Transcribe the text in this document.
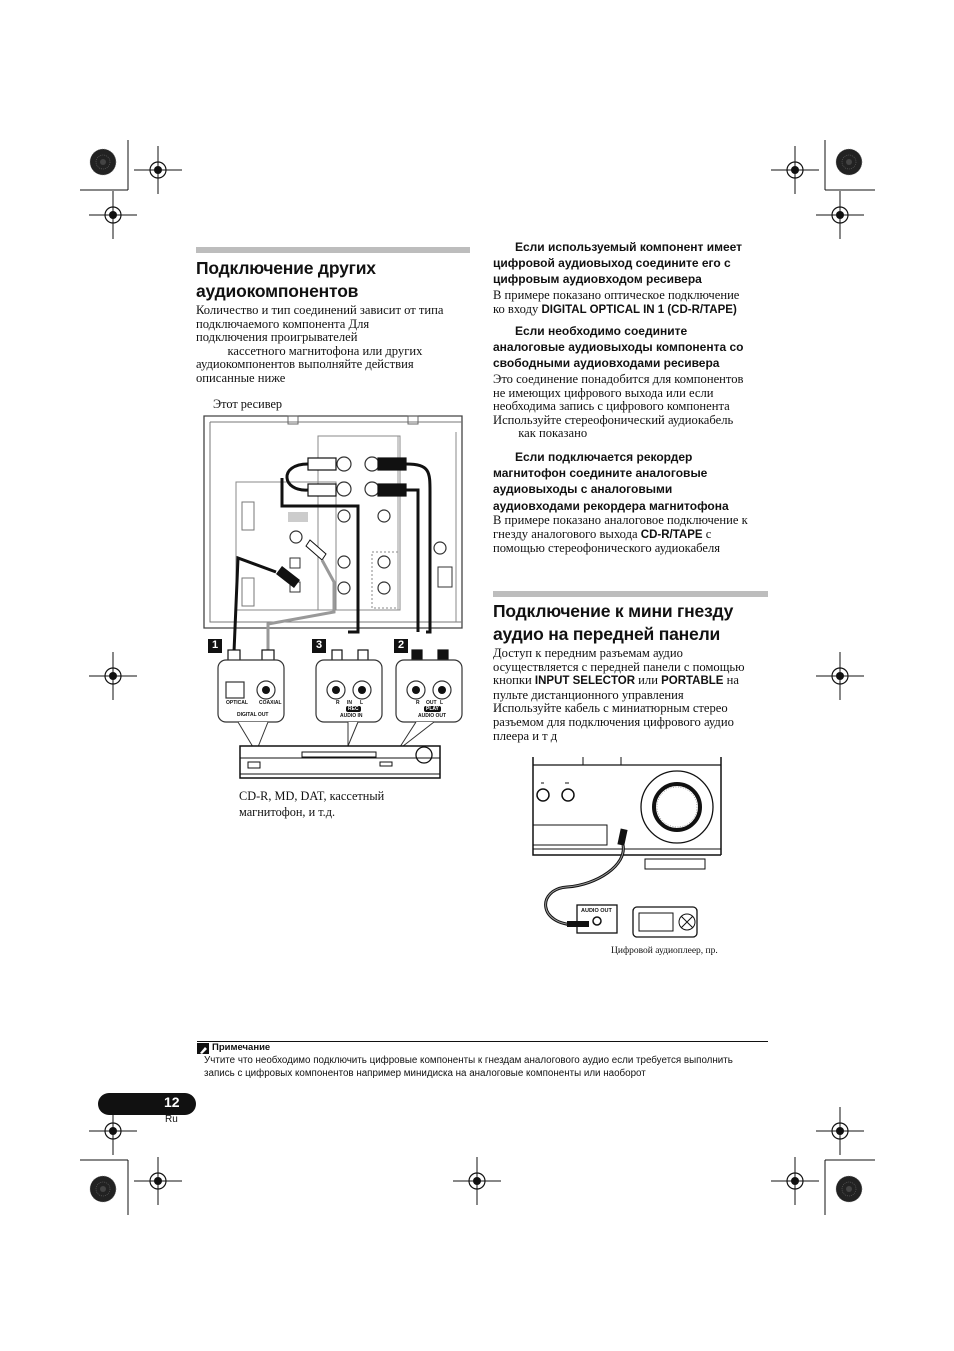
Подключение других
аудиокомпонентов
Количество и тип соединений зависит от типа
подключаемого компонента Для
подключения проигрывателей
кассетного магнитофона или других
аудиокомпонентов выполняйте действия
описанные ниже
Этот ресивер
1	3	2
OPTICAL COAXIAL
DIGITAL OUT
R IN L
REC
AUDIO IN
R OUT L
PLAY
AUDIO OUT
CD-R, MD, DAT, кассетный
магнитофон, и т.д.
Если используемый компонент имеет
цифровой аудиовыход соедините его с
цифровым аудиовходом ресивера
В примере показано оптическое подключение
ко входу DIGITAL OPTICAL IN 1 (CD-R/TAPE)
Если необходимо соедините
аналоговые аудиовыходы компонента со
свободными аудиовходами ресивера
Это соединение понадобится для компонентов
не имеющих цифрового выхода или если
необходима запись с цифрового компонента
Используйте стереофонический аудиокабель
как показано
Если подключается рекордер
магнитофон соедините аналоговые
аудиовыходы с аналоговыми
аудиовходами рекордера магнитофона
В примере показано аналоговое подключение к
гнезду аналогового выхода CD-R/TAPE с
помощью стереофонического аудиокабеля
Подключение к мини гнезду
аудио на передней панели
Доступ к передним разъемам аудио
осуществляется с передней панели с помощью
кнопки INPUT SELECTOR или PORTABLE на
пульте дистанционного управления
Используйте кабель с миниатюрным стерео
разъемом для подключения цифрового аудио
плеера и т д
AUDIO OUT
Цифровой аудиоплеер, пр.
Примечание
Учтите что необходимо подключить цифровые компоненты к гнездам аналогового аудио если требуется выполнить
запись с цифровых компонентов например минидиска на аналоговые компоненты или наоборот
12
Ru
